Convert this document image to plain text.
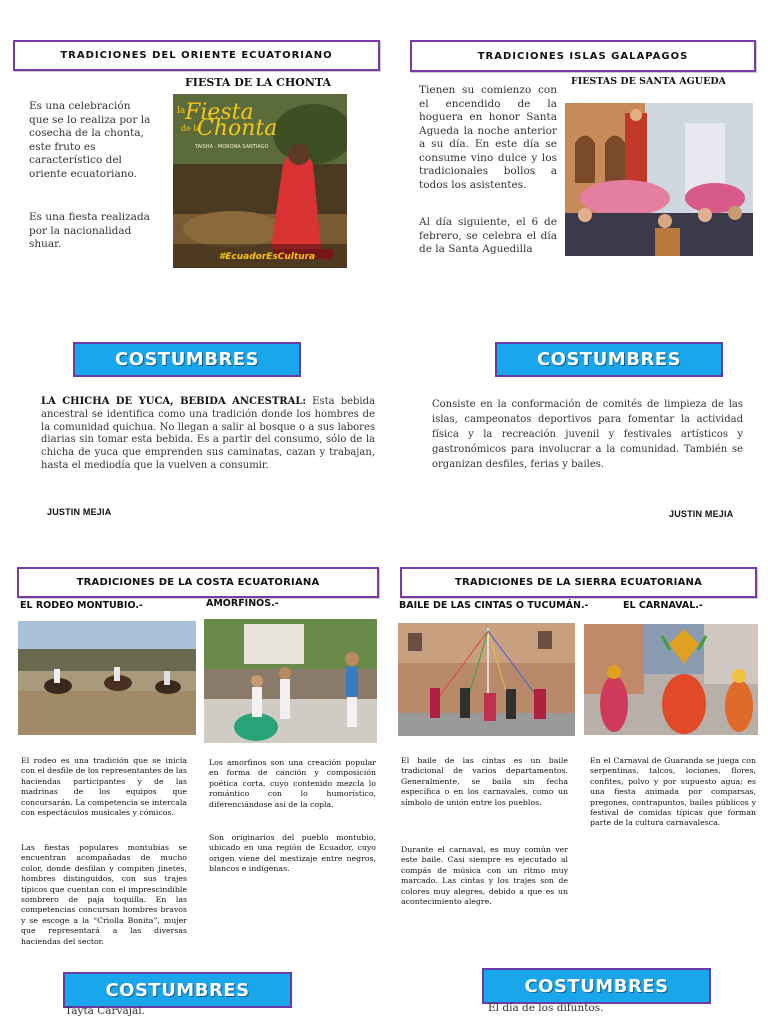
TRADICIONES DEL ORIENTE ECUATORIANO
FIESTA DE LA CHONTA

Es una celebración que se lo realiza por la cosecha de la chonta, este fruto es característico del oriente ecuatoriano.

Es una fiesta realizada por la nacionalidad shuar.

la Fiesta
de la
Chonta
TAISHA - MORONA SANTIAGO
#EcuadorEsCultura
COSTUMBRES

LA CHICHA DE YUCA, BEBIDA ANCESTRAL: Esta bebida ancestral se identifica como una tradición donde los hombres de la comunidad quichua. No llegan a salir al bosque o a sus labores diarias sin tomar esta bebida. Es a partir del consumo, sólo de la chicha de yuca que emprenden sus caminatas, cazan y trabajan, hasta el mediodía que la vuelven a consumir.

JUSTIN MEJIA
TRADICIONES ISLAS GALAPAGOS
FIESTAS DE SANTA AGUEDA

Tienen su comienzo con el encendido de la hoguera en honor Santa Agueda la noche anterior a su día. En este día se consume vino dulce y los tradicionales bollos a todos los asistentes.

Al día siguiente, el 6 de febrero, se celebra el día de la Santa Aguedilla

COSTUMBRES

Consiste en la conformación de comités de limpieza de las islas, campeonatos deportivos para fomentar la actividad física y la recreación juvenil y festivales artísticos y gastronómicos para involucrar a la comunidad. También se organizan desfiles, ferias y bailes.

JUSTIN MEJIA
TRADICIONES DE LA COSTA ECUATORIANA
EL RODEO MONTUBIO.-	AMORFINOS.-

El rodeo es una tradición que se inicia con el desfile de los representantes de las haciendas participantes y de las madrinas de los equipos que concursarán. La competencia se intercala con espectáculos musicales y cómicos.

Las fiestas populares montubias se encuentran acompañadas de mucho color, donde desfilan y compiten jinetes, hombres distinguidos, con sus trajes típicos que cuentan con el imprescindible sombrero de paja toquilla. En las competencias concursan hombres bravos y se escoge a la “Criolla Bonita”, mujer que representará a las diversas haciendas del sector.

Los amorfinos son una creación popular en forma de canción y composición poética corta, cuyo contenido mezcla lo romántico con lo humorístico, diferenciándose así de la copla.

Son originarios del pueblo montubio, ubicado en una región de Ecuador, cuyo origen viene del mestizaje entre negros, blancos e indígenas.

COSTUMBRES

Tayta Carvajal.

TRADICIONES DE LA SIERRA ECUATORIANA
BAILE DE LAS CINTAS O TUCUMÁN.-	EL CARNAVAL.-

El baile de las cintas es un baile tradicional de varios departamentos. Generalmente, se baila sin fecha específica o en los carnavales, como un símbolo de unión entre los pueblos.

Durante el carnaval, es muy común ver este baile. Casi siempre es ejecutado al compás de música con un ritmo muy marcado. Las cintas y los trajes son de colores muy alegres, debido a que es un acontecimiento alegre.

En el Carnaval de Guaranda se juega con serpentinas, talcos, lociones, flores, confites, polvo y por supuesto agua; es una fiesta animada por comparsas, pregones, contrapuntos, bailes públicos y festival de comidas típicas que forman parte de la cultura carnavalesca.

COSTUMBRES

El día de los difuntos.
